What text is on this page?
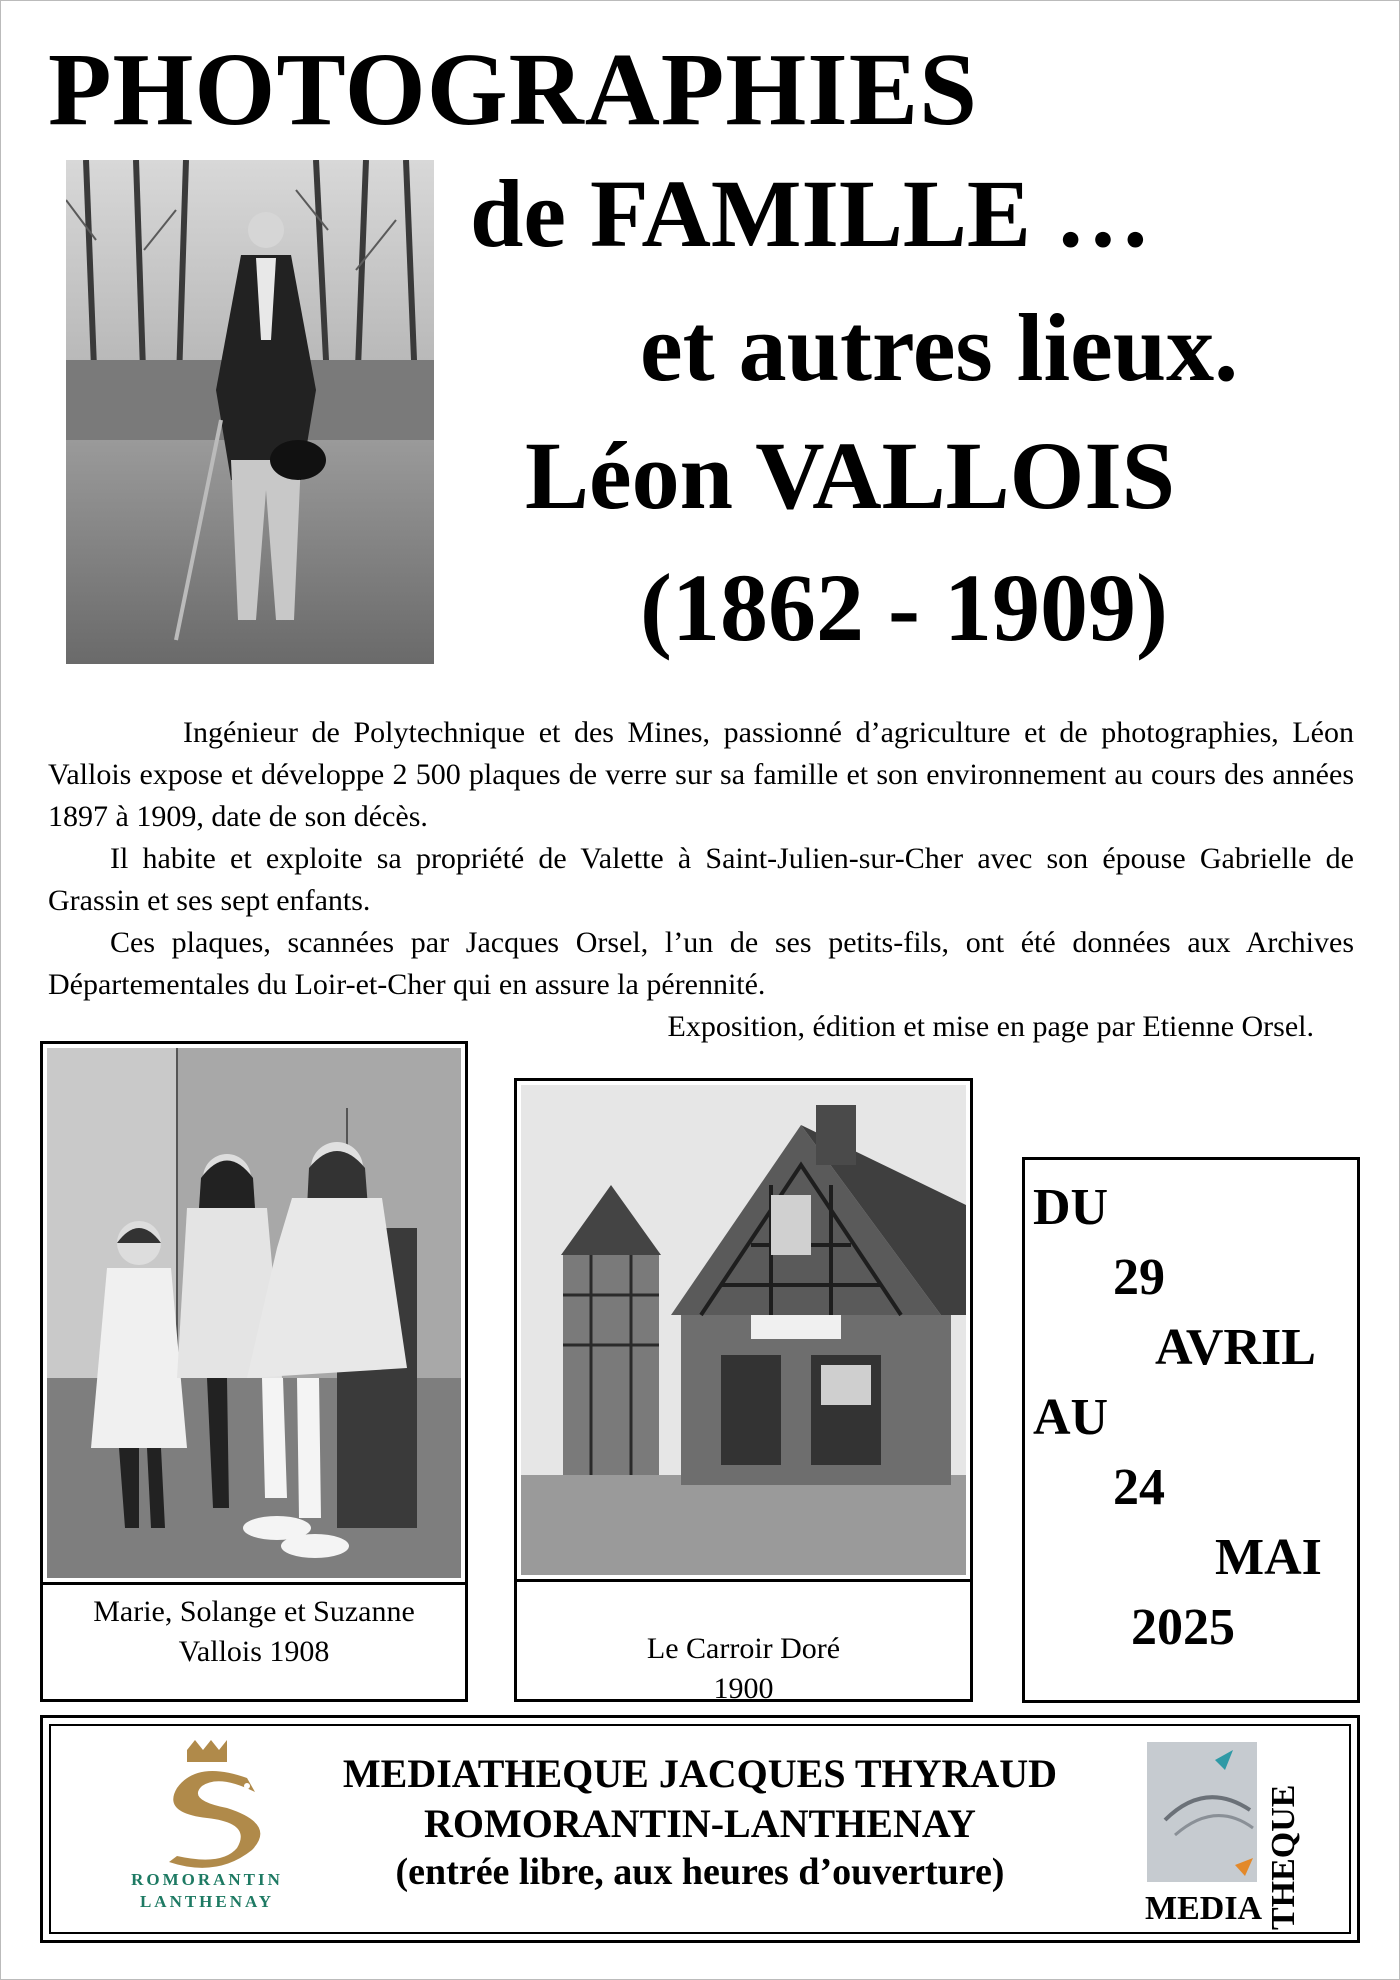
PHOTOGRAPHIES
de FAMILLE …
et autres lieux.
Léon VALLOIS
(1862 - 1909)

Ingénieur de Polytechnique et des Mines, passionné d’agriculture et de photographies, Léon Vallois expose et développe 2 500 plaques de verre sur sa famille et son environnement au cours des années 1897 à 1909, date de son décès.

Il habite et exploite sa propriété de Valette à Saint-Julien-sur-Cher avec son épouse Gabrielle de Grassin et ses sept enfants.

Ces plaques, scannées par Jacques Orsel, l’un de ses petits-fils, ont été données aux Archives Départementales du Loir-et-Cher qui en assure la pérennité.

Exposition, édition et mise en page par Etienne Orsel.

Marie, Solange et Suzanne
Vallois 1908	Le Carroir Doré
1900
DU
29
AVRIL
AU
24
MAI
2025
ROMORANTIN
LANTHENAY
MEDIATHEQUE JACQUES THYRAUD
ROMORANTIN-LANTHENAY
(entrée libre, aux heures d’ouverture)
MEDIA THEQUE
